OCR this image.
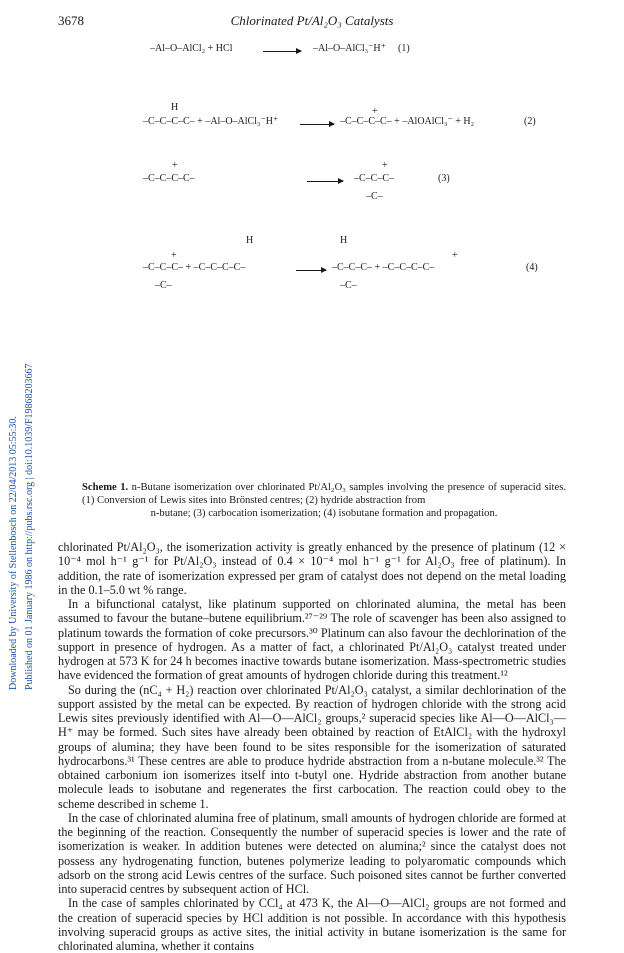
3678	Chlorinated Pt/Al₂O₃ Catalysts
Downloaded by University of Stellenbosch on 22/04/2013 05:55:30. Published on 01 January 1986 on http://pubs.rsc.org | doi:10.1039/F19868203667
–Al–O–AlCl₂ + HCl	–Al–O–AlCl₃⁻H⁺ (1)
H	+
–C–C–C–C– + –Al–O–AlCl₃⁻H⁺	–C–C–C–C– + –AlOAlCl₃⁻ + H₂	(2)
+
–C–C–C–C–
+
–C–C–C–
–C–
(3)
+
H	H
+
–C–C–C– + –C–C–C–C–	–C–C–C– + –C–C–C–C–
–C–	–C–
(4)
Scheme 1. n-Butane isomerization over chlorinated Pt/Al₂O₃ samples involving the presence of superacid sites. (1) Conversion of Lewis sites into Brönsted centres; (2) hydride abstraction from
n-butane; (3) carbocation isomerization; (4) isobutane formation and propagation.

chlorinated Pt/Al₂O₃, the isomerization activity is greatly enhanced by the presence of platinum (12 × 10⁻⁴ mol h⁻¹ g⁻¹ for Pt/Al₂O₃ instead of 0.4 × 10⁻⁴ mol h⁻¹ g⁻¹ for Al₂O₃ free of platinum). In addition, the rate of isomerization expressed per gram of catalyst does not depend on the metal loading in the 0.1–5.0 wt % range.

In a bifunctional catalyst, like platinum supported on chlorinated alumina, the metal has been assumed to favour the butane–butene equilibrium.²⁷⁻²⁹ The role of scavenger has been also assigned to platinum towards the formation of coke precursors.³⁰ Platinum can also favour the dechlorination of the support in presence of hydrogen. As a matter of fact, a chlorinated Pt/Al₂O₃ catalyst treated under hydrogen at 573 K for 24 h becomes inactive towards butane isomerization. Mass-spectrometric studies have evidenced the formation of great amounts of hydrogen chloride during this treatment.¹²

So during the (nC₄ + H₂) reaction over chlorinated Pt/Al₂O₃ catalyst, a similar dechlorination of the support assisted by the metal can be expected. By reaction of hydrogen chloride with the strong acid Lewis sites previously identified with Al—O—AlCl₂ groups,² superacid species like Al—O—AlCl₃—H⁺ may be formed. Such sites have already been obtained by reaction of EtAlCl₂ with the hydroxyl groups of alumina; they have been found to be sites responsible for the isomerization of saturated hydrocarbons.³¹ These centres are able to produce hydride abstraction from a n-butane molecule.³² The obtained carbonium ion isomerizes itself into t-butyl one. Hydride abstraction from another butane molecule leads to isobutane and regenerates the first carbocation. The reaction could obey to the scheme described in scheme 1.

In the case of chlorinated alumina free of platinum, small amounts of hydrogen chloride are formed at the beginning of the reaction. Consequently the number of superacid species is lower and the rate of isomerization is weaker. In addition butenes were detected on alumina;² since the catalyst does not possess any hydrogenating function, butenes polymerize leading to polyaromatic compounds which adsorb on the strong acid Lewis centres of the surface. Such poisoned sites cannot be further converted into superacid centres by subsequent action of HCl.

In the case of samples chlorinated by CCl₄ at 473 K, the Al—O—AlCl₂ groups are not formed and the creation of superacid species by HCl addition is not possible. In accordance with this hypothesis involving superacid groups as active sites, the initial activity in butane isomerization is the same for chlorinated alumina, whether it contains
